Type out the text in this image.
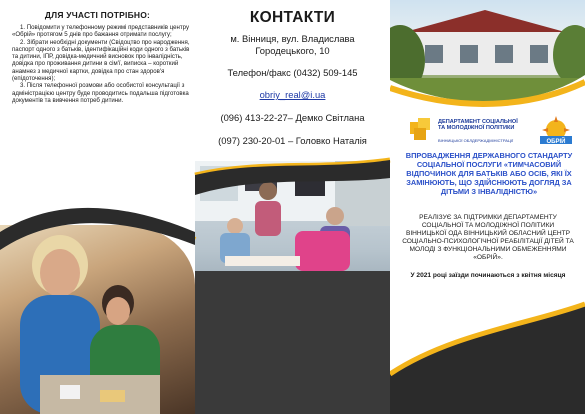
ДЛЯ УЧАСТІ ПОТРІБНО:

1. Повідомити у телефонному режимі представників центру «Обрій» протягом 5 днів про бажання отримати послугу;

2. Зібрати необхідні документи (Свідоцтво про народження, паспорт одного з батьків, ідентифікаційні коди одного з батьків та дитини, ІПР, довідка-медичний висновок про інвалідність, довідка про проживання дитини в сім'ї, виписка – короткий анамнез з медичної картки, довідка про стан здоров'я (епідоточення);

3. Після телефонної розмови або особистої консультації з адміністрацією центру буде проводитись подальша підготовка документів та вивчення потреб дитини.

КОНТАКТИ
м. Вінниця, вул. Владислава
Городецького, 10
Телефон/факс (0432) 509-145
obriy_real@i.ua
(096) 413-22-27– Демко Світлана
(097) 230-20-01 – Головко Наталія
ДЕПАРТАМЕНТ СОЦІАЛЬНОЇ
ТА МОЛОДІЖНОЇ ПОЛІТИКИ
ВІННИЦЬКОЇ ОБЛДЕРЖАДМІНІСТРАЦІЇ	ОБРІЙ
ВПРОВАДЖЕННЯ ДЕРЖАВНОГО СТАНДАРТУ СОЦІАЛЬНОЇ ПОСЛУГИ «ТИМЧАСОВИЙ ВІДПОЧИНОК ДЛЯ БАТЬКІВ АБО ОСІБ, ЯКІ ЇХ ЗАМІНЮЮТЬ, ЩО ЗДІЙСНЮЮТЬ ДОГЛЯД ЗА ДІТЬМИ З ІНВАЛІДНІСТЮ»

РЕАЛІЗУЄ ЗА ПІДТРИМКИ ДЕПАРТАМЕНТУ СОЦІАЛЬНОЇ ТА МОЛОДІЖНОЇ ПОЛІТИКИ ВІННИЦЬКОЇ ОДА ВІННИЦЬКИЙ ОБЛАСНИЙ ЦЕНТР СОЦІАЛЬНО-ПСИХОЛОГІЧНОЇ РЕАБІЛІТАЦІЇ ДІТЕЙ ТА МОЛОДІ З ФУНКЦІОНАЛЬНИМИ ОБМЕЖЕННЯМИ «ОБРІЙ».

У 2021 році заїзди починаються з квітня місяця
